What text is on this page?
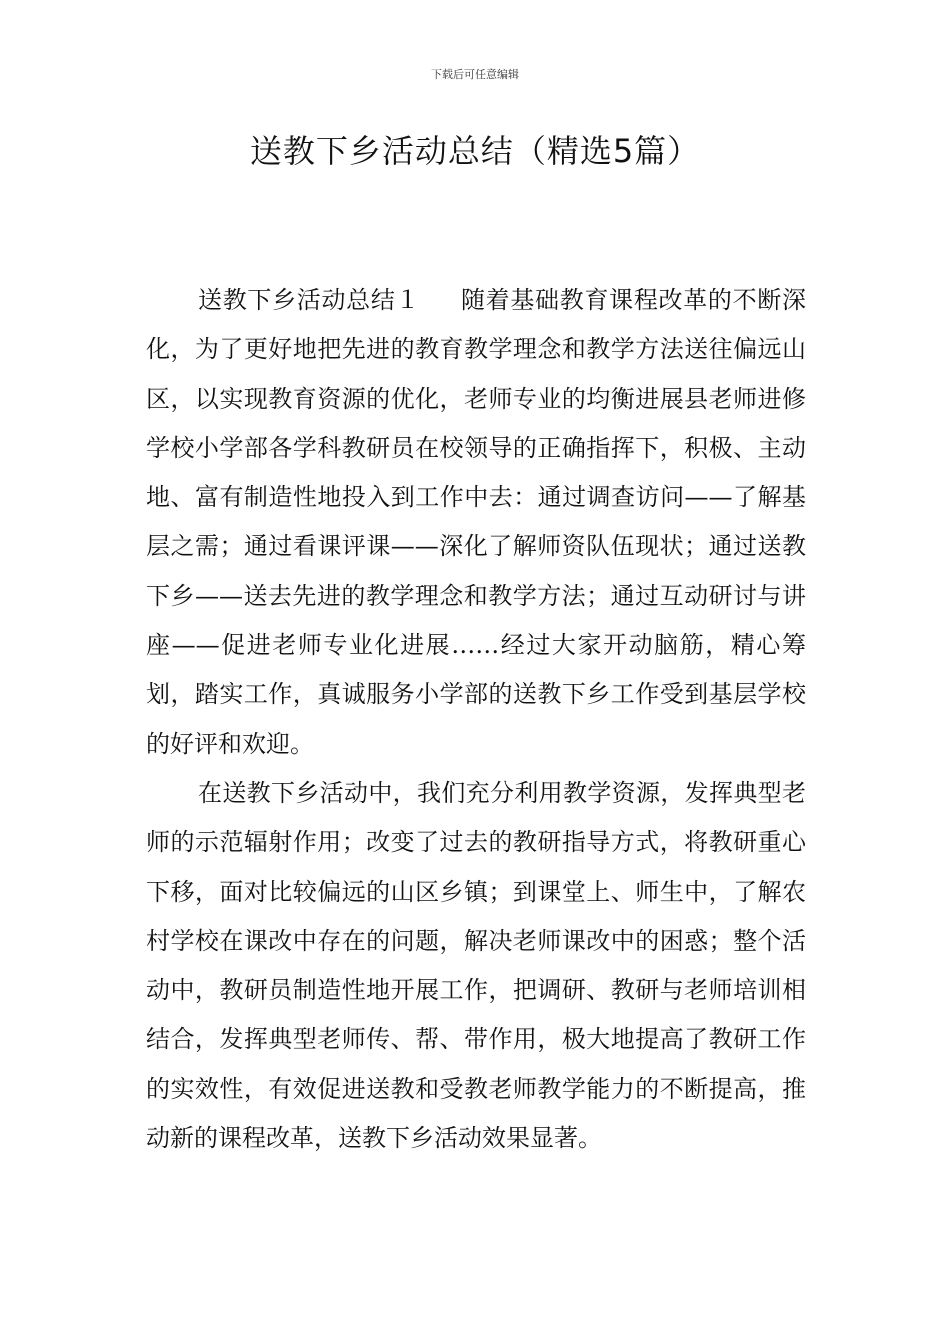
下载后可任意编辑
送教下乡活动总结（精选5篇）

送教下乡活动总结１ 随着基础教育课程改革的不断深化，为了更好地把先进的教育教学理念和教学方法送往偏远山区，以实现教育资源的优化，老师专业的均衡进展县老师进修学校小学部各学科教研员在校领导的正确指挥下，积极、主动地、富有制造性地投入到工作中去：通过调查访问——了解基层之需；通过看课评课——深化了解师资队伍现状；通过送教下乡——送去先进的教学理念和教学方法；通过互动研讨与讲座——促进老师专业化进展……经过大家开动脑筋，精心筹划，踏实工作，真诚服务小学部的送教下乡工作受到基层学校的好评和欢迎。

在送教下乡活动中，我们充分利用教学资源，发挥典型老师的示范辐射作用；改变了过去的教研指导方式，将教研重心下移，面对比较偏远的山区乡镇；到课堂上、师生中，了解农村学校在课改中存在的问题，解决老师课改中的困惑；整个活动中，教研员制造性地开展工作，把调研、教研与老师培训相结合，发挥典型老师传、帮、带作用，极大地提高了教研工作的实效性，有效促进送教和受教老师教学能力的不断提高，推动新的课程改革，送教下乡活动效果显著。
